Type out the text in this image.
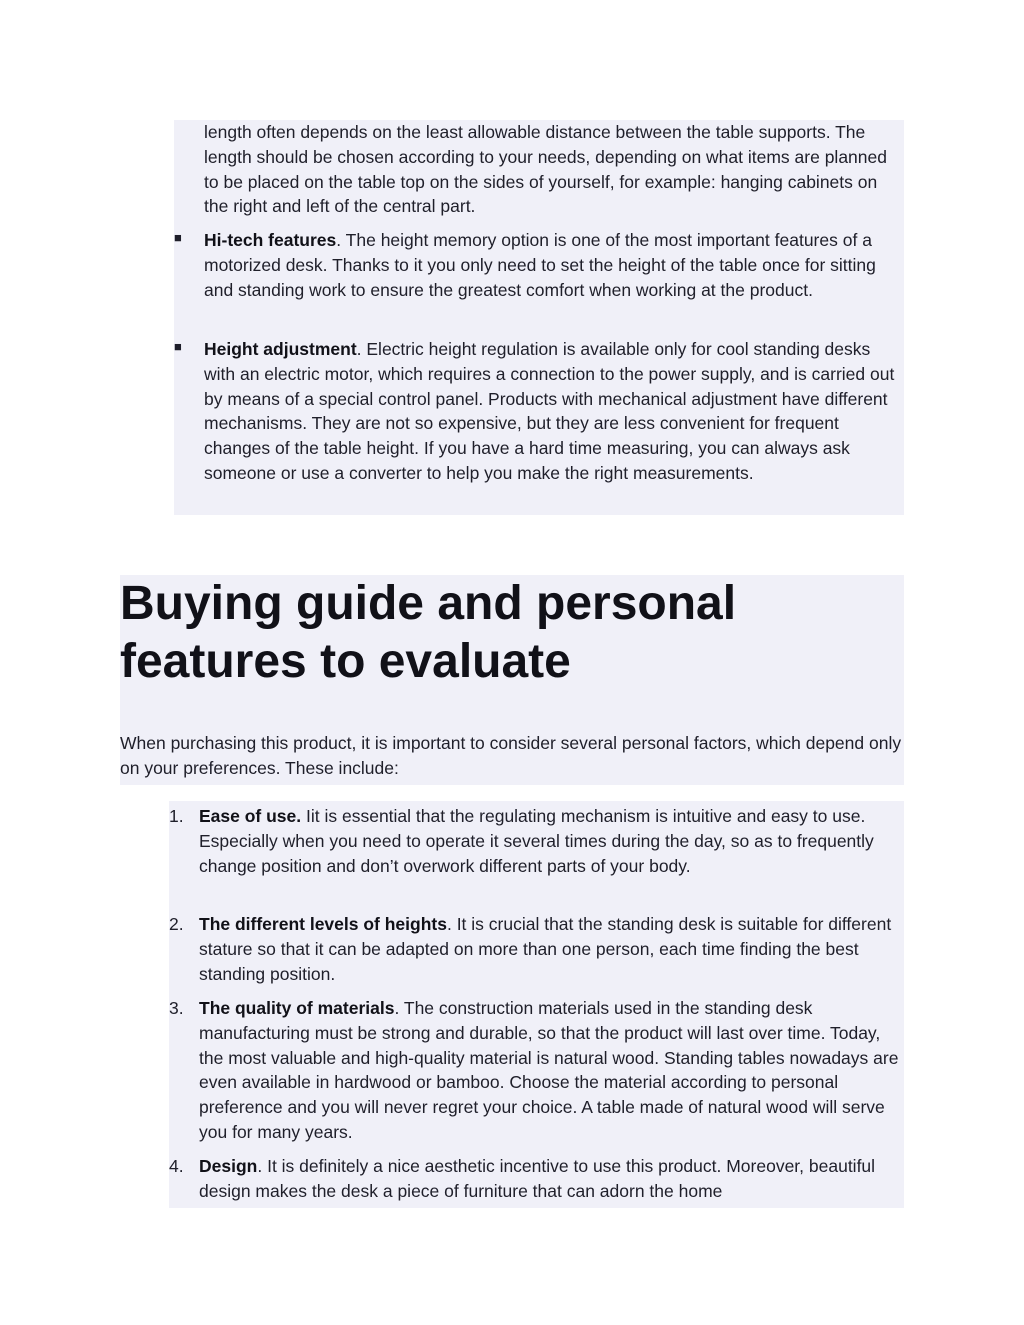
length often depends on the least allowable distance between the table supports. The length should be chosen according to your needs, depending on what items are planned to be placed on the table top on the sides of yourself, for example: hanging cabinets on the right and left of the central part.

■ Hi-tech features. The height memory option is one of the most important features of a motorized desk. Thanks to it you only need to set the height of the table once for sitting and standing work to ensure the greatest comfort when working at the product.

■ Height adjustment. Electric height regulation is available only for cool standing desks with an electric motor, which requires a connection to the power supply, and is carried out by means of a special control panel. Products with mechanical adjustment have different mechanisms. They are not so expensive, but they are less convenient for frequent changes of the table height. If you have a hard time measuring, you can always ask someone or use a converter to help you make the right measurements.

Buying guide and personal features to evaluate

When purchasing this product, it is important to consider several personal factors, which depend only on your preferences. These include:

1. Ease of use. Iit is essential that the regulating mechanism is intuitive and easy to use. Especially when you need to operate it several times during the day, so as to frequently change position and don’t overwork different parts of your body.

2. The different levels of heights. It is crucial that the standing desk is suitable for different stature so that it can be adapted on more than one person, each time finding the best standing position.

3. The quality of materials. The construction materials used in the standing desk manufacturing must be strong and durable, so that the product will last over time. Today, the most valuable and high-quality material is natural wood. Standing tables nowadays are even available in hardwood or bamboo. Choose the material according to personal preference and you will never regret your choice. A table made of natural wood will serve you for many years.

4. Design. It is definitely a nice aesthetic incentive to use this product. Moreover, beautiful design makes the desk a piece of furniture that can adorn the home
